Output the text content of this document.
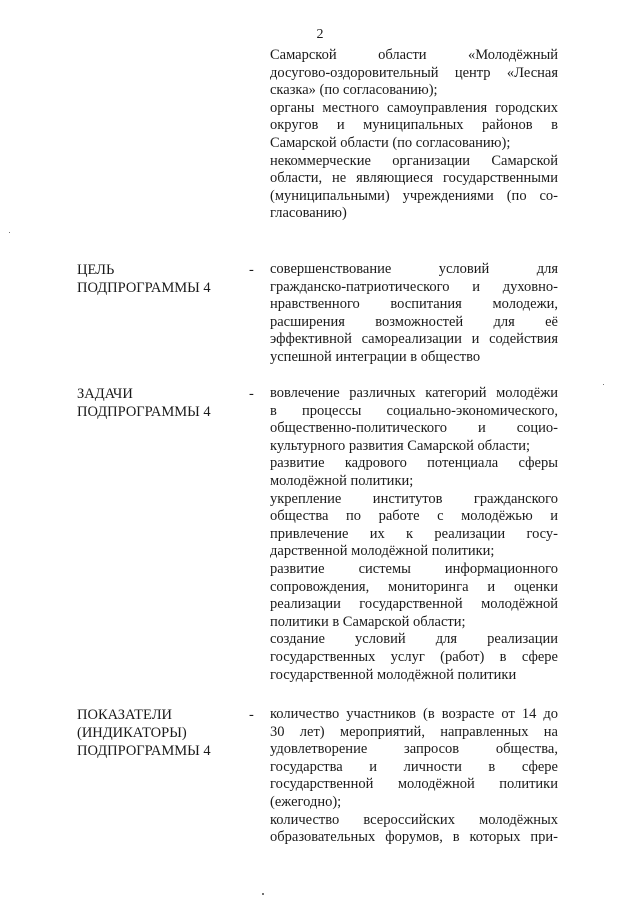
2
Самарской области «Молодёжный
досугово-оздоровительный центр «Лесная
сказка» (по согласованию);
органы местного самоуправления городских
округов и муниципальных районов в
Самарской области (по согласованию);
некоммерческие организации Самарской
области, не являющиеся государственными
(муниципальными) учреждениями (по со-
гласованию)
ЦЕЛЬ
ПОДПРОГРАММЫ 4
- совершенствование условий для
гражданско-патриотического и духовно-
нравственного воспитания молодежи,
расширения возможностей для её
эффективной самореализации и содействия
успешной интеграции в общество
ЗАДАЧИ
ПОДПРОГРАММЫ 4
- вовлечение различных категорий молодёжи
в процессы социально-экономического,
общественно-политического и социо-
культурного развития Самарской области;
развитие кадрового потенциала сферы
молодёжной политики;
укрепление институтов гражданского
общества по работе с молодёжью и
привлечение их к реализации госу-
дарственной молодёжной политики;
развитие системы информационного
сопровождения, мониторинга и оценки
реализации государственной молодёжной
политики в Самарской области;
создание условий для реализации
государственных услуг (работ) в сфере
государственной молодёжной политики
ПОКАЗАТЕЛИ
(ИНДИКАТОРЫ)
ПОДПРОГРАММЫ 4
- количество участников (в возрасте от 14 до
30 лет) мероприятий, направленных на
удовлетворение запросов общества,
государства и личности в сфере
государственной молодёжной политики
(ежегодно);
количество всероссийских молодёжных
образовательных форумов, в которых при-
